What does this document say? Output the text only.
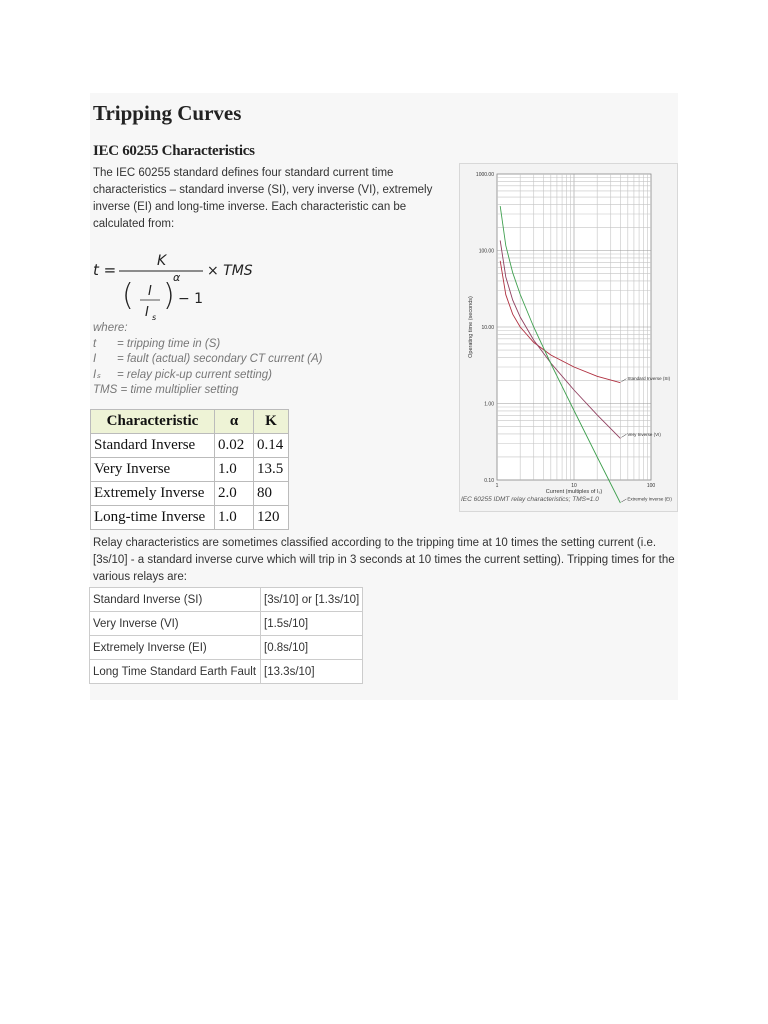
Tripping Curves
IEC 60255 Characteristics

The IEC 60255 standard defines four standard current time characteristics – standard inverse (SI), very inverse (VI), extremely inverse (EI) and long-time inverse. Each characteristic can be calculated from:

t =	K
( I
I s
)
α
− 1
× TMS
where:
t	= tripping time in (S)
I	= fault (actual) secondary CT current (A)
Iₛ	= relay pick-up current setting)
TMS = time multiplier setting
Characteristic	α	K
Standard Inverse	0.02	0.14
Very Inverse	1.0	13.5
Extremely Inverse	2.0	80
Long-time Inverse	1.0	120

Relay characteristics are sometimes classified according to the tripping time at 10 times the setting current (i.e. [3s/10] - a standard inverse curve which will trip in 3 seconds at 10 times the current setting). Tripping times for the various relays are:

Standard Inverse (SI)	[3s/10] or [1.3s/10]
Very Inverse (VI)	[1.5s/10]
Extremely Inverse (EI)	[0.8s/10]
Long Time Standard Earth Fault	[13.3s/10]
1	10	100
1000.00
100.00
10.00
1.00
0.10
Current (multiples of Iₛ)
Operating time (seconds)
Standard Inverse (SI)
Very Inverse (VI)
Extremely Inverse (EI)
IEC 60255 IDMT relay characteristics; TMS=1.0
